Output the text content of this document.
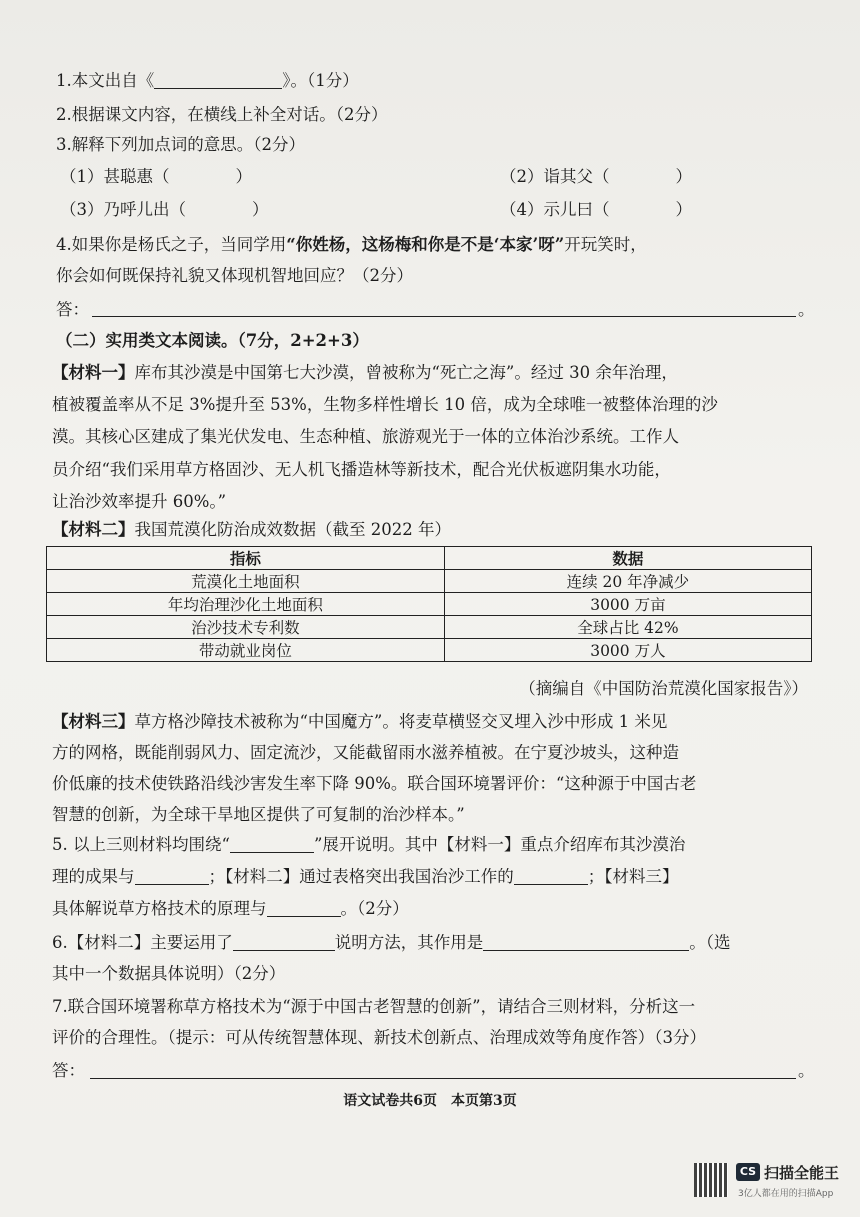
1.本文出自《	》。（1分）
2.根据课文内容，在横线上补全对话。（2分）
3.解释下列加点词的意思。（2分）
（1）甚聪惠（　　　　）	（2）诣其父（　　　　）
（3）乃呼儿出（　　　　）	（4）示儿曰（　　　　）
4.如果你是杨氏之子，当同学用“你姓杨，这杨梅和你是不是‘本家’呀”开玩笑时，
你会如何既保持礼貌又体现机智地回应？（2分）
答：	。
（二）实用类文本阅读。（7分，2+2+3）
【材料一】库布其沙漠是中国第七大沙漠，曾被称为“死亡之海”。经过 30 余年治理，
植被覆盖率从不足 3%提升至 53%，生物多样性增长 10 倍，成为全球唯一被整体治理的沙
漠。其核心区建成了集光伏发电、生态种植、旅游观光于一体的立体治沙系统。工作人
员介绍“我们采用草方格固沙、无人机飞播造林等新技术，配合光伏板遮阴集水功能，
让治沙效率提升 60%。”
【材料二】我国荒漠化防治成效数据（截至 2022 年）
指标	数据
荒漠化土地面积	连续 20 年净减少
年均治理沙化土地面积	3000 万亩
治沙技术专利数	全球占比 42%
带动就业岗位	3000 万人
（摘编自《中国防治荒漠化国家报告》）
【材料三】草方格沙障技术被称为“中国魔方”。将麦草横竖交叉埋入沙中形成 1 米见
方的网格，既能削弱风力、固定流沙，又能截留雨水滋养植被。在宁夏沙坡头，这种造
价低廉的技术使铁路沿线沙害发生率下降 90%。联合国环境署评价：“这种源于中国古老
智慧的创新，为全球干旱地区提供了可复制的治沙样本。”
5. 以上三则材料均围绕“	”展开说明。其中【材料一】重点介绍库布其沙漠治
理的成果与	；【材料二】通过表格突出我国治沙工作的	；【材料三】
具体解说草方格技术的原理与	。（2分）
6.【材料二】主要运用了	说明方法，其作用是	。（选
其中一个数据具体说明）（2分）
7.联合国环境署称草方格技术为“源于中国古老智慧的创新”，请结合三则材料，分析这一
评价的合理性。（提示：可从传统智慧体现、新技术创新点、治理成效等角度作答）（3分）
答：	。
语文试卷共6页　本页第3页
CS 扫描全能王
3亿人都在用的扫描App
